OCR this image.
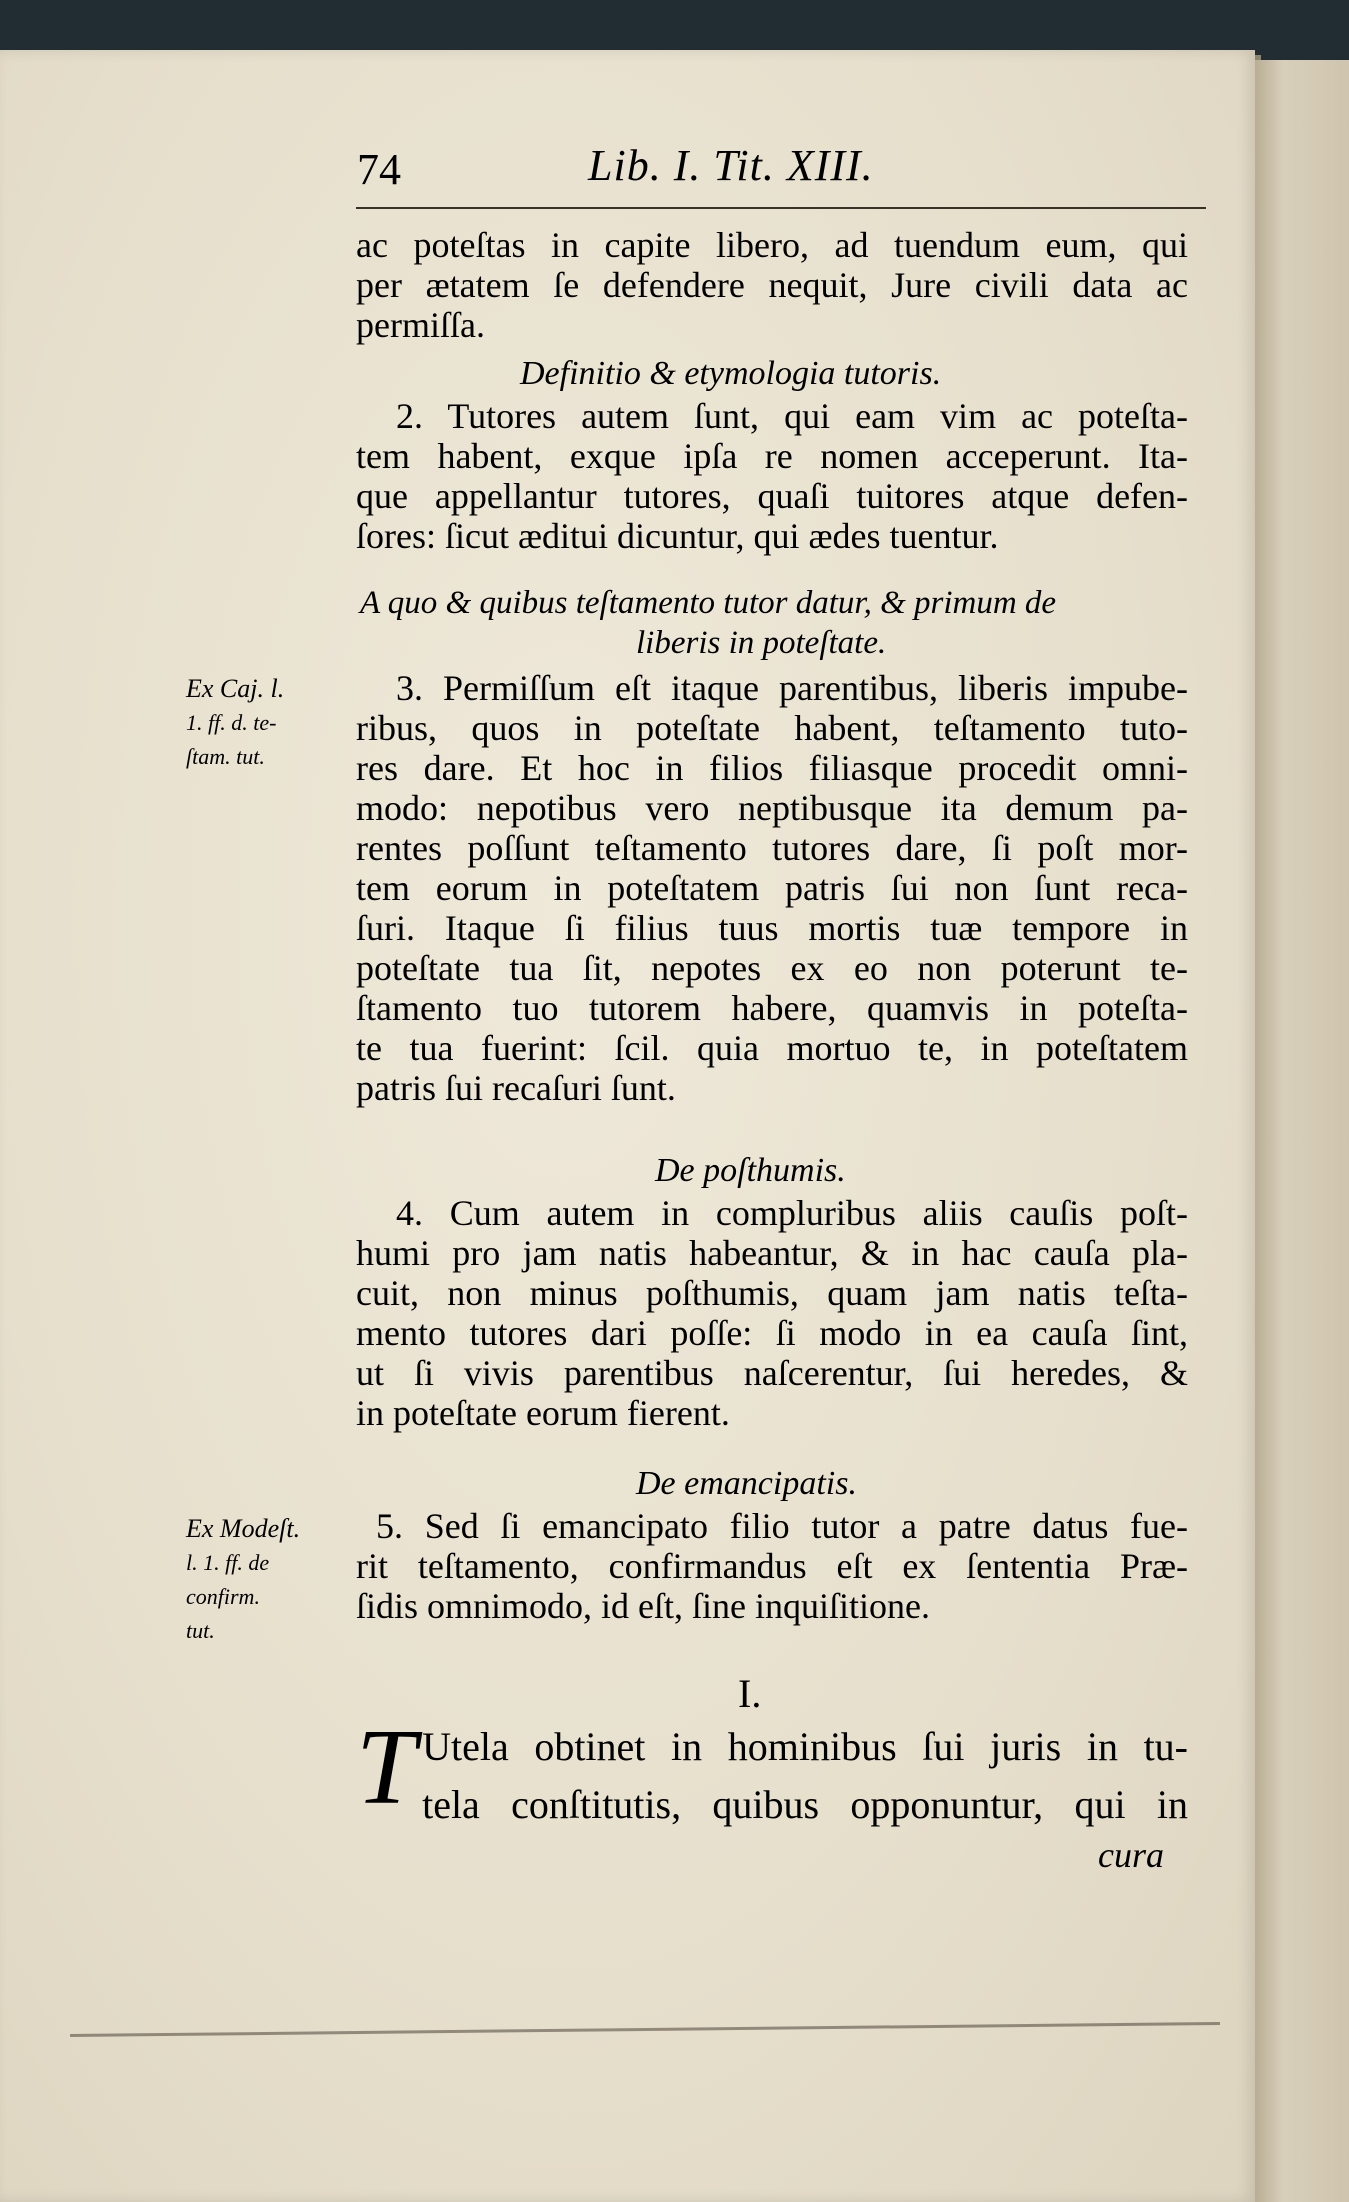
74	Lib. I. Tit. XIII.
ac poteſtas in capite libero, ad tuendum eum, qui
per ætatem ſe defendere nequit, Jure civili data ac
permiſſa.
Definitio & etymologia tutoris.
2. Tutores autem ſunt, qui eam vim ac poteſta-
tem habent, exque ipſa re nomen acceperunt. Ita-
que appellantur tutores, quaſi tuitores atque defen-
ſores: ſicut æditui dicuntur, qui ædes tuentur.
A quo & quibus teſtamento tutor datur, & primum de
liberis in poteſtate.
Ex Caj. l.
1. ff. d. te-
ſtam. tut.
3. Permiſſum eſt itaque parentibus, liberis impube-
ribus, quos in poteſtate habent, teſtamento tuto-
res dare. Et hoc in filios filiasque procedit omni-
modo: nepotibus vero neptibusque ita demum pa-
rentes poſſunt teſtamento tutores dare, ſi poſt mor-
tem eorum in poteſtatem patris ſui non ſunt reca-
ſuri. Itaque ſi filius tuus mortis tuæ tempore in
poteſtate tua ſit, nepotes ex eo non poterunt te-
ſtamento tuo tutorem habere, quamvis in poteſta-
te tua fuerint: ſcil. quia mortuo te, in poteſtatem
patris ſui recaſuri ſunt.
De poſthumis.
4. Cum autem in compluribus aliis cauſis poſt-
humi pro jam natis habeantur, & in hac cauſa pla-
cuit, non minus poſthumis, quam jam natis teſta-
mento tutores dari poſſe: ſi modo in ea cauſa ſint,
ut ſi vivis parentibus naſcerentur, ſui heredes, &
in poteſtate eorum fierent.
De emancipatis.
Ex Modeſt.
l. 1. ff. de
confirm.
tut.
5. Sed ſi emancipato filio tutor a patre datus fue-
rit teſtamento, confirmandus eſt ex ſententia Præ-
ſidis omnimodo, id eſt, ſine inquiſitione.
I.
T Utela obtinet in hominibus ſui juris in tu-
tela conſtitutis, quibus opponuntur, qui in
cura
